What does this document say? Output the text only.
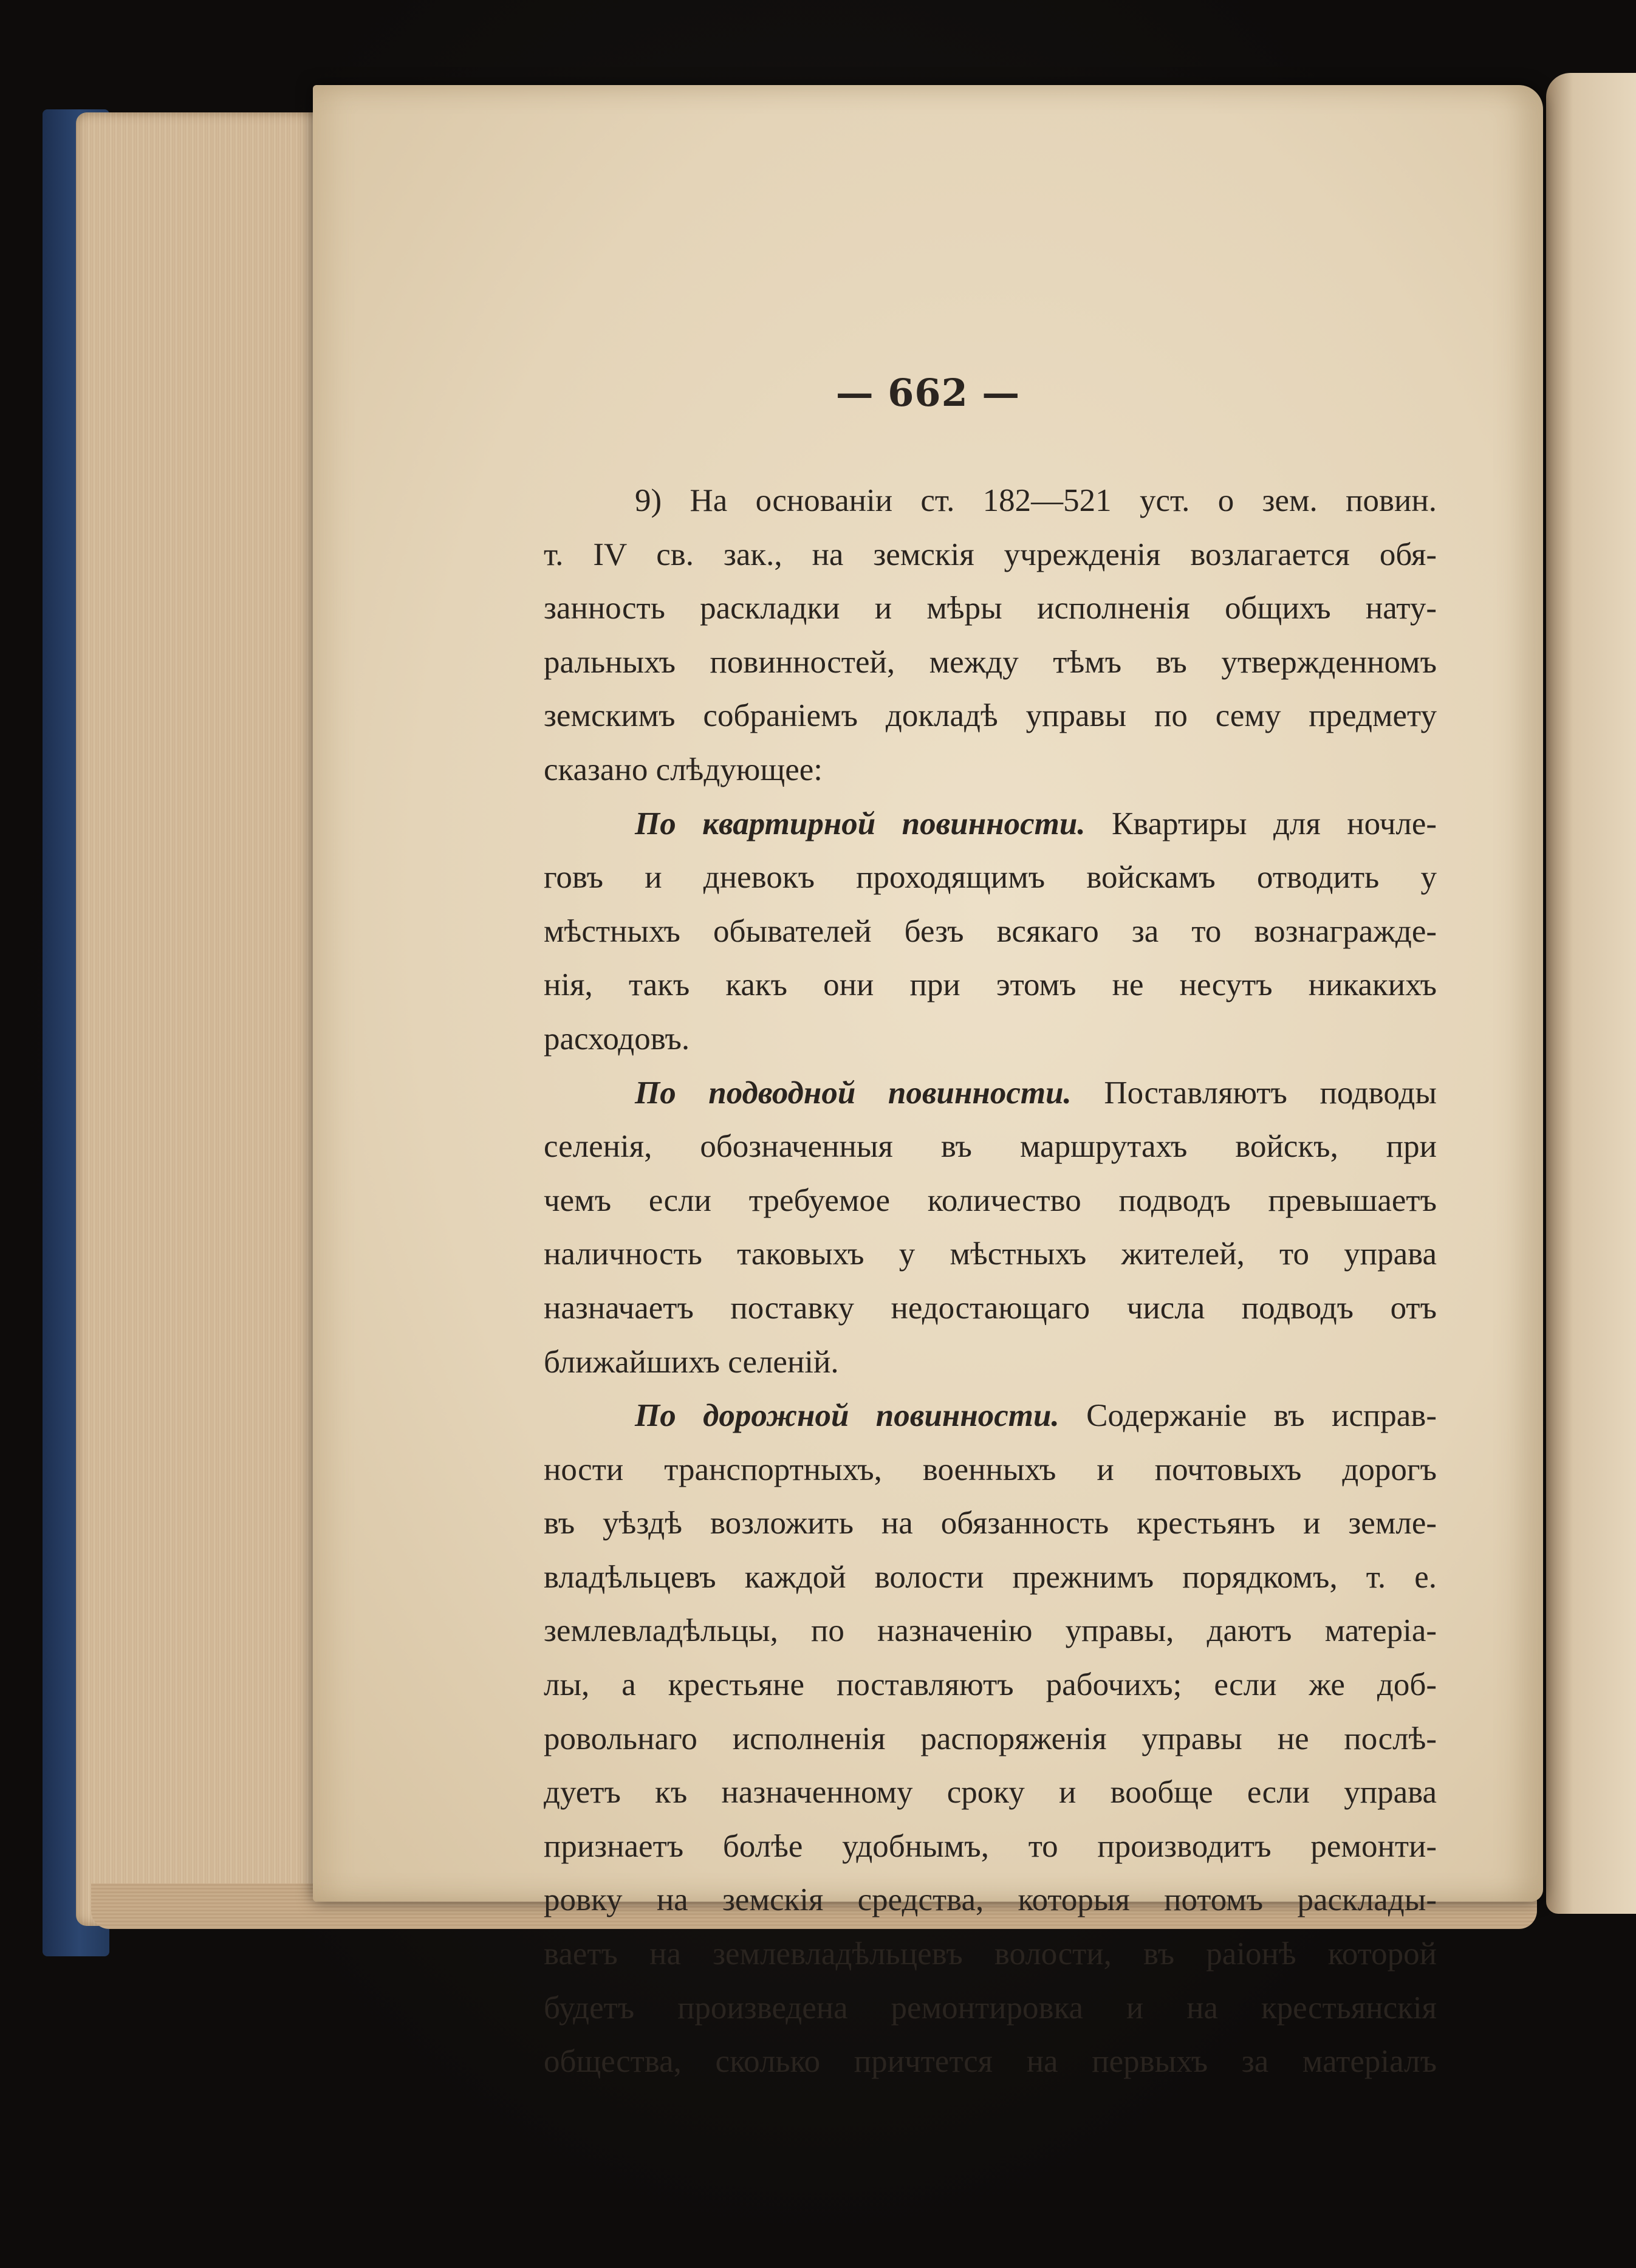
— 662 —
9) На основаніи ст. 182—521 уст. о зем. повин.
т. IV св. зак., на земскія учрежденія возлагается обя-
занность раскладки и мѣры исполненія общихъ нату-
ральныхъ повинностей, между тѣмъ въ утвержденномъ
земскимъ собраніемъ докладѣ управы по сему предмету
сказано слѣдующее:
По квартирной повинности. Квартиры для ночле-
говъ и дневокъ проходящимъ войскамъ отводить у
мѣстныхъ обывателей безъ всякаго за то вознагражде-
нія, такъ какъ они при этомъ не несутъ никакихъ
расходовъ.
По подводной повинности. Поставляютъ подводы
селенія, обозначенныя въ маршрутахъ войскъ, при
чемъ если требуемое количество подводъ превышаетъ
наличность таковыхъ у мѣстныхъ жителей, то управа
назначаетъ поставку недостающаго числа подводъ отъ
ближайшихъ селеній.
По дорожной повинности. Содержаніе въ исправ-
ности транспортныхъ, военныхъ и почтовыхъ дорогъ
въ уѣздѣ возложить на обязанность крестьянъ и земле-
владѣльцевъ каждой волости прежнимъ порядкомъ, т. е.
землевладѣльцы, по назначенію управы, даютъ матеріа-
лы, а крестьяне поставляютъ рабочихъ; если же доб-
ровольнаго исполненія распоряженія управы не послѣ-
дуетъ къ назначенному сроку и вообще если управа
признаетъ болѣе удобнымъ, то производитъ ремонти-
ровку на земскія средства, которыя потомъ расклады-
ваетъ на землевладѣльцевъ волости, въ раіонѣ которой
будетъ произведена ремонтировка и на крестьянскія
общества, сколько причтется на первыхъ за матеріалъ
